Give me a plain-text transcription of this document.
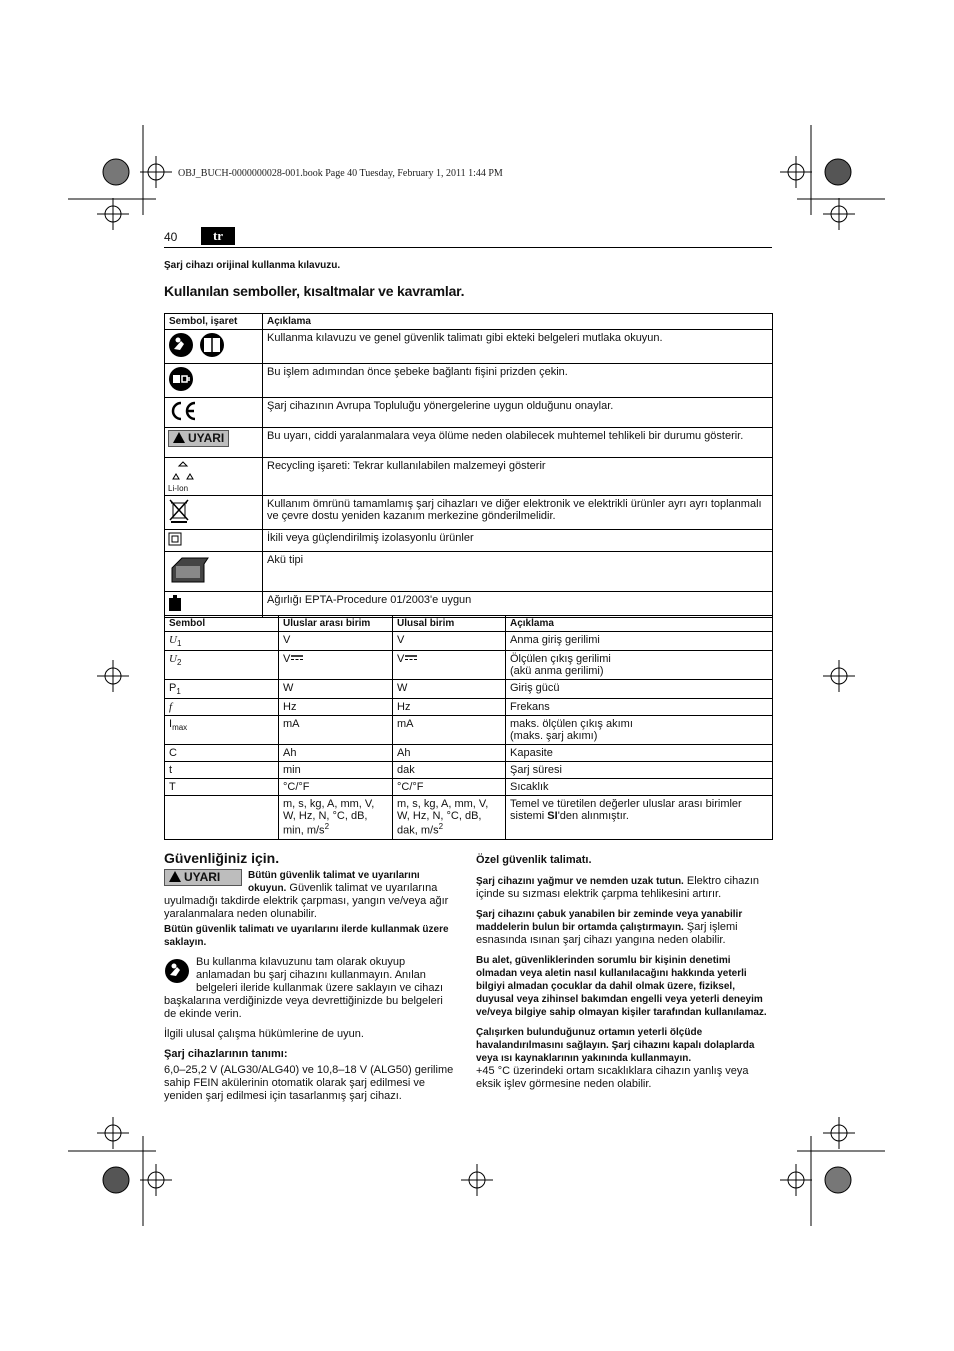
OBJ_BUCH-0000000028-001.book Page 40 Tuesday, February 1, 2011 1:44 PM
40	tr
Şarj cihazı orijinal kullanma kılavuzu.
Kullanılan semboller, kısaltmalar ve kavramlar.
Sembol, işaret	Açıklama
	Kullanma kılavuzu ve genel güvenlik talimatı gibi ekteki belgeleri mutlaka okuyun.
	Bu işlem adımından önce şebeke bağlantı fişini prizden çekin.
	Şarj cihazının Avrupa Topluluğu yönergelerine uygun olduğunu onaylar.
UYARI	Bu uyarı, ciddi yaralanmalara veya ölüme neden olabilecek muhtemel tehlikeli bir durumu gösterir.

Li-Ion	Recycling işareti: Tekrar kullanılabilen malzemeyi gösterir
	Kullanım ömrünü tamamlamış şarj cihazları ve diğer elektronik ve elektrikli ürünler ayrı ayrı toplanmalı ve çevre dostu yeniden kazanım merkezine gönderilmelidir.
	İkili veya güçlendirilmiş izolasyonlu ürünler
	Akü tipi
	Ağırlığı EPTA-Procedure 01/2003'e uygun
Sembol	Uluslar arası birim	Ulusal birim	Açıklama
$U_1$	V	V	Anma giriş gerilimi
$U_2$	V	V	Ölçülen çıkış gerilimi
(akü anma gerilimi)
$P_1$	W	W	Giriş gücü
f	Hz	Hz	Frekans
$I_{max}$	mA	mA	maks. ölçülen çıkış akımı
(maks. şarj akımı)
C	Ah	Ah	Kapasite
t	min	dak	Şarj süresi
T	°C/°F	°C/°F	Sıcaklık
	m, s, kg, A, mm, V, W, Hz, N, °C, dB, min, $m/s^2$	m, s, kg, A, mm, V, W, Hz, N, °C, dB, dak, $m/s^2$	Temel ve türetilen değerler uluslar arası birimler sistemi SI'den alınmıştır.
Güvenliğiniz için.

UYARI	Bütün güvenlik talimat ve uyarılarını okuyun. Güvenlik talimat ve uyarılarına uyulmadığı takdirde elektrik çarpması, yangın ve/veya ağır yaralanmalara neden olunabilir.

Bütün güvenlik talimatı ve uyarılarını ilerde kullanmak üzere saklayın.

Bu kullanma kılavuzunu tam olarak okuyup anlamadan bu şarj cihazını kullanmayın. Anılan belgeleri ileride kullanmak üzere saklayın ve cihazı başkalarına verdiğinizde veya devrettiğinizde bu belgeleri de ekinde verin.

İlgili ulusal çalışma hükümlerine de uyun.

Şarj cihazlarının tanımı:

6,0–25,2 V (ALG30/ALG40) ve 10,8–18 V (ALG50) gerilime sahip FEIN akülerinin otomatik olarak şarj edilmesi ve yeniden şarj edilmesi için tasarlanmış şarj cihazı.

Özel güvenlik talimatı.

Şarj cihazını yağmur ve nemden uzak tutun. Elektro cihazın içinde su sızması elektrik çarpma tehlikesini artırır.

Şarj cihazını çabuk yanabilen bir zeminde veya yanabilir maddelerin bulun bir ortamda çalıştırmayın. Şarj işlemi esnasında ısınan şarj cihazı yangına neden olabilir.

Bu alet, güvenliklerinden sorumlu bir kişinin denetimi olmadan veya aletin nasıl kullanılacağını hakkında yeterli bilgiyi almadan çocuklar da dahil olmak üzere, fiziksel, duyusal veya zihinsel bakımdan engelli veya yeterli deneyim ve/veya bilgiye sahip olmayan kişiler tarafından kullanılamaz.

Çalışırken bulunduğunuz ortamın yeterli ölçüde havalandırılmasını sağlayın. Şarj cihazını kapalı dolaplarda veya ısı kaynaklarının yakınında kullanmayın.

+45 °C üzerindeki ortam sıcaklıklara cihazın yanlış veya eksik işlev görmesine neden olabilir.
